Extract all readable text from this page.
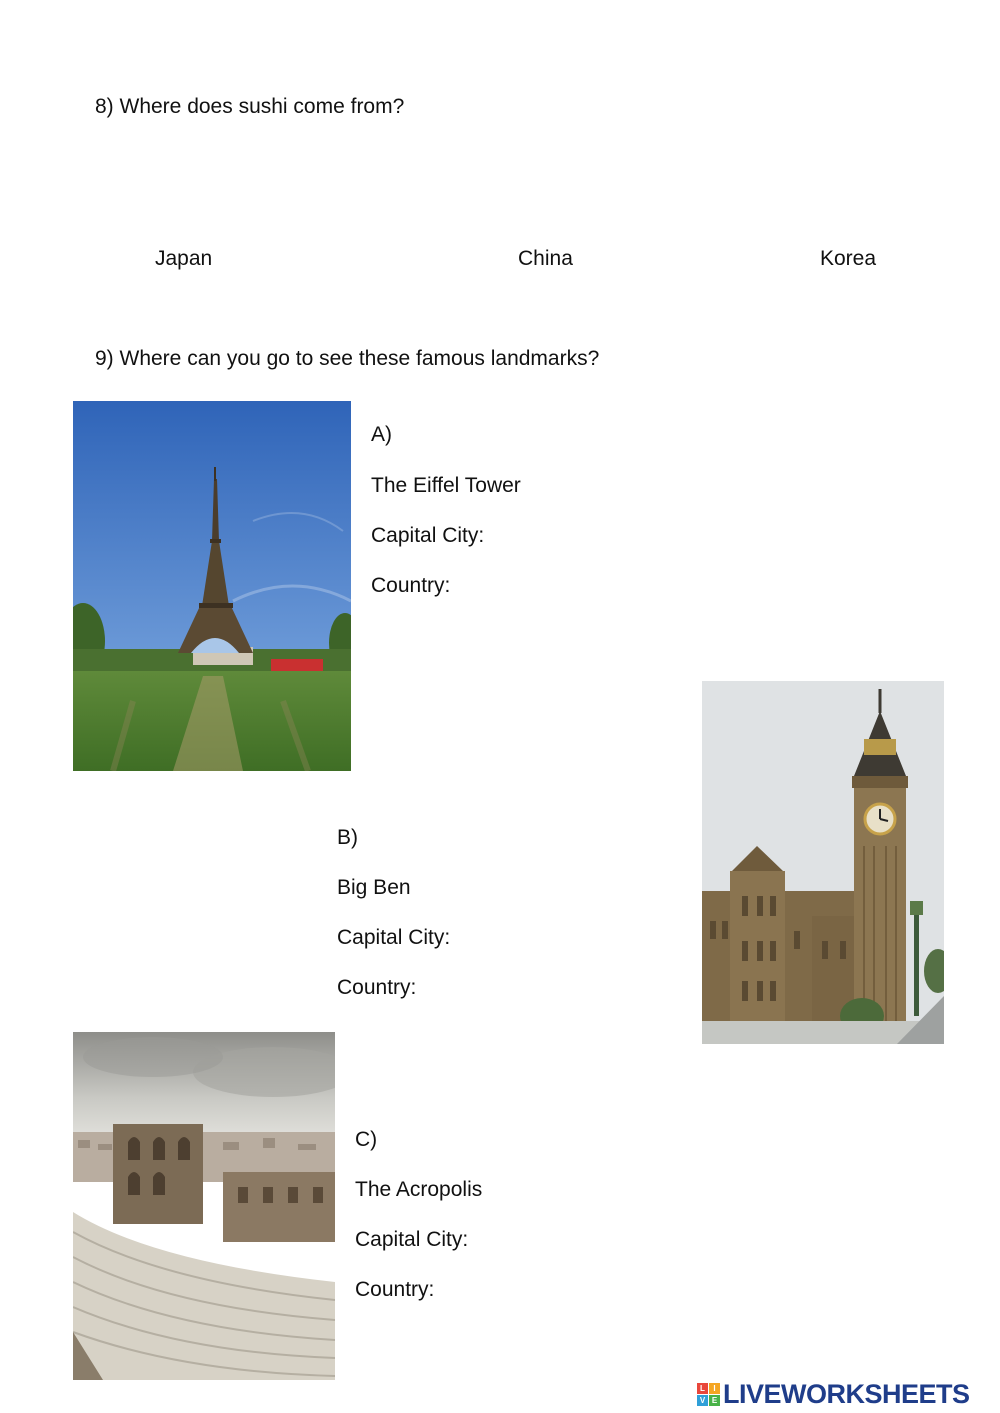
8) Where does sushi come from?
Japan	China	Korea
9) Where can you go to see these famous landmarks?
A)
The Eiffel Tower
Capital City:
Country:
B)
Big Ben
Capital City:
Country:
C)
The Acropolis
Capital City:
Country:
L	I
V E LIVEWORKSHEETS
